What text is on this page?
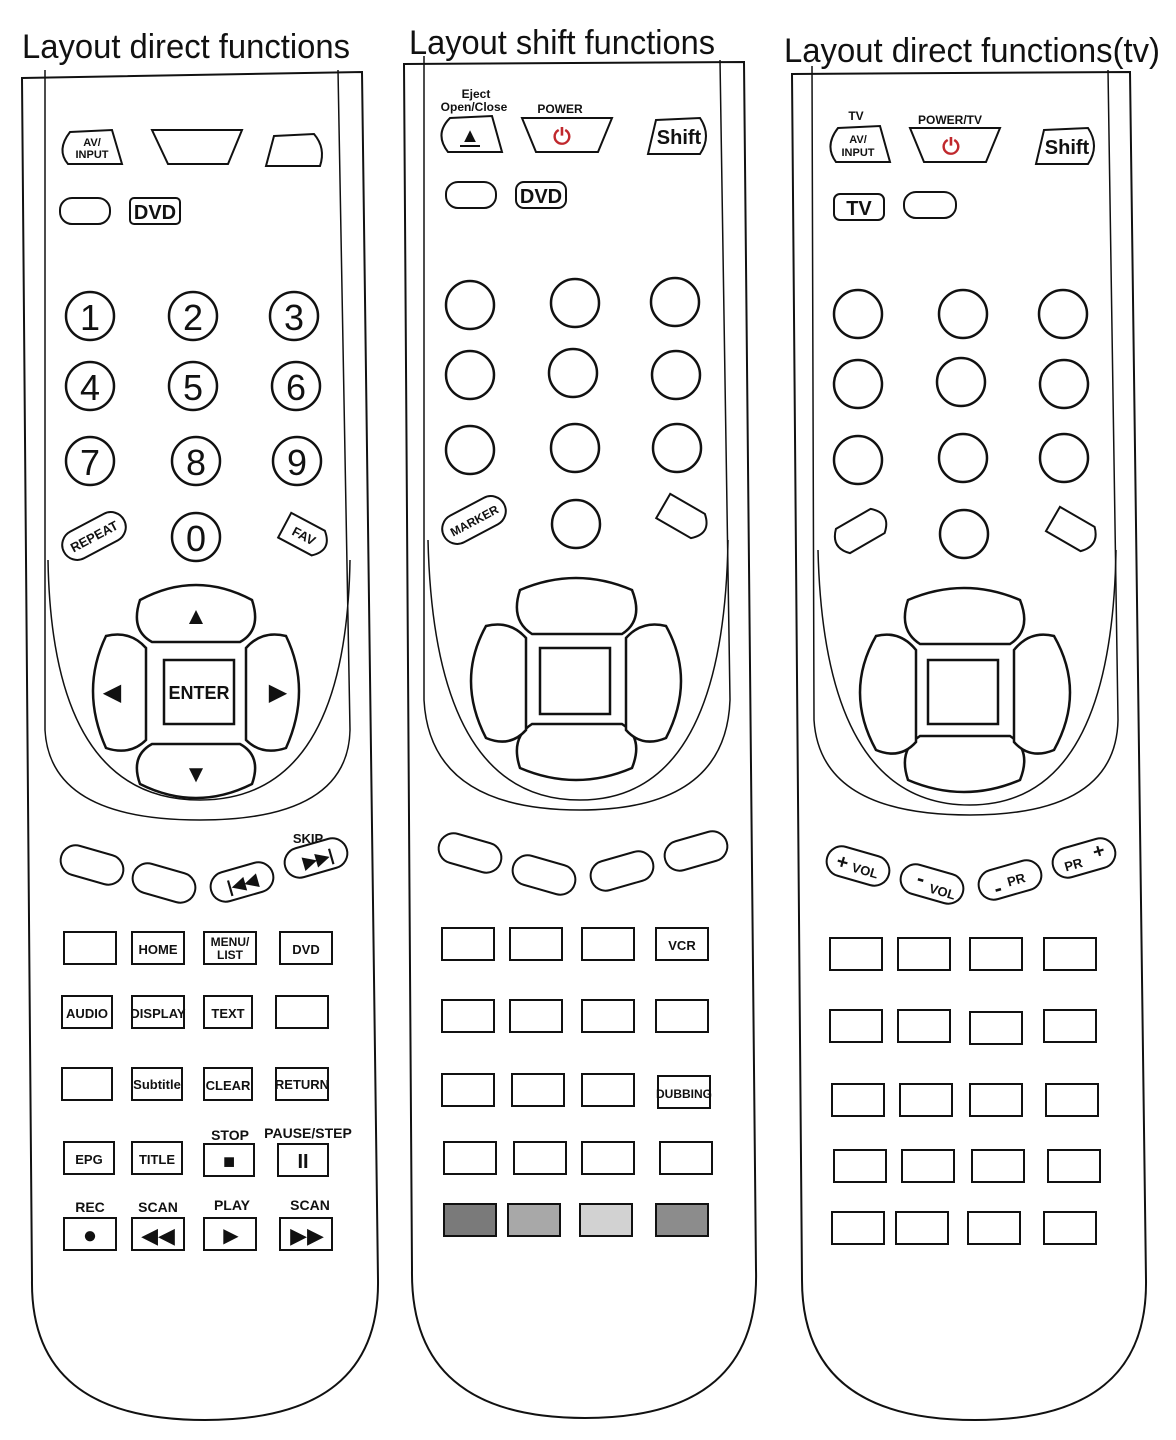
Layout direct functions Layout shift functions Layout direct functions(tv)
AV/
INPUT
DVD
1 2 3
4 5 6
7 8 9
0
REPEAT	FAV
▲
▼
◀	▶
ENTER
|◀◀
▶▶|
SKIP
HOME	MENU/
LIST	DVD
AUDIO DISPLAY TEXT
Subtitle CLEAR RETURN
EPG	TITLE
STOP
■
PAUSE/STEP
II
REC
●
SCAN
◀◀
PLAY
▶
SCAN
▶▶
Eject
Open/Close
▲
POWER
⏻	Shift
DVD
MARKER
VCR
DUBBING
TV
AV/
INPUT
POWER/TV
⏻	Shift
TV
+ VOL -
VOL - PR
PR
+
